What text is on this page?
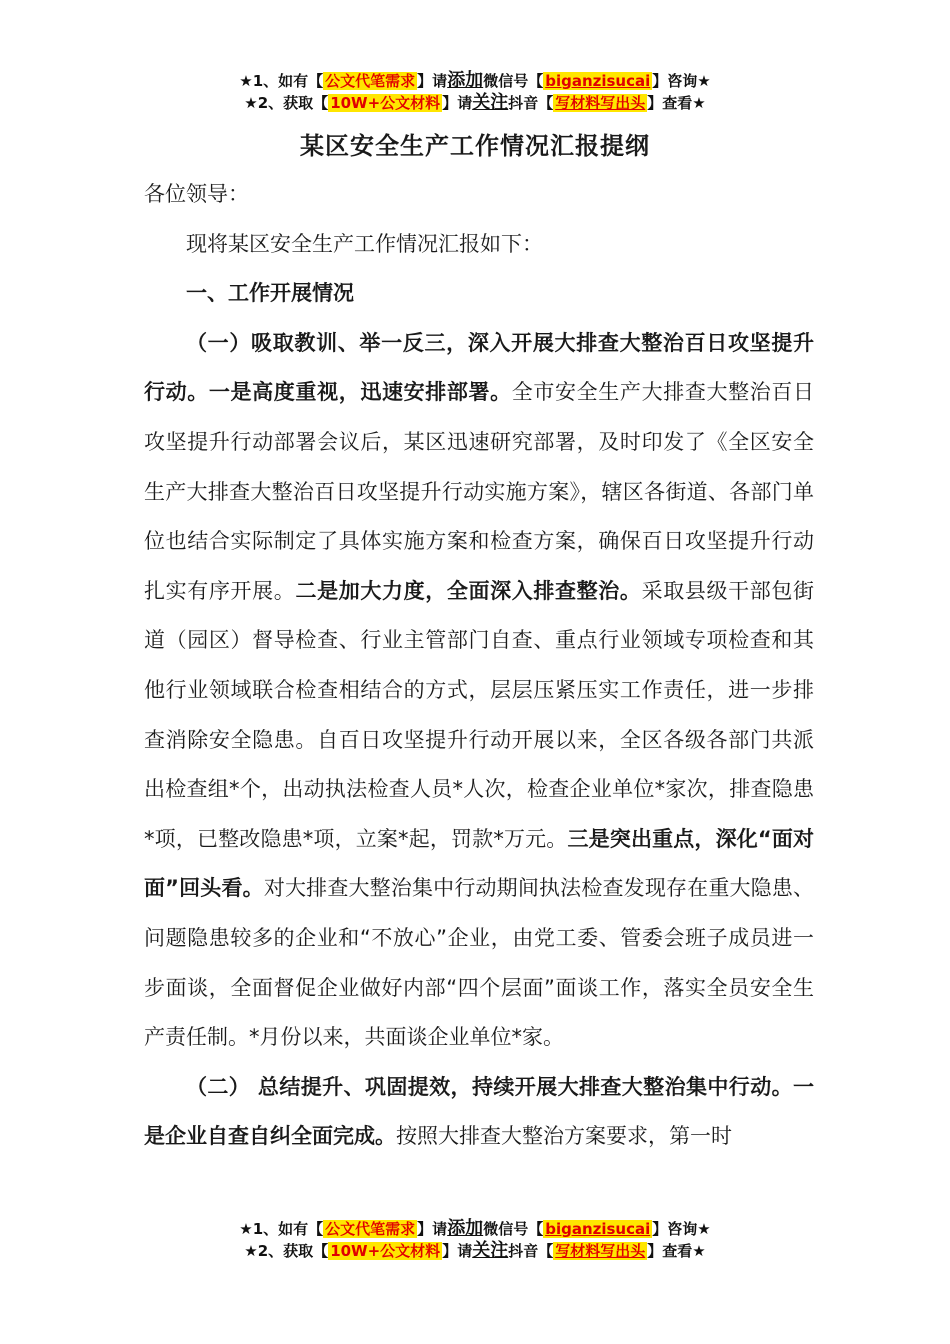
★1、如有【 公文代笔需求 】请添加微信号【 biganzisucai 】咨询★
★2、获取【 10W+公文材料 】请关注抖音【 写材料写出头 】查看★
某区安全生产工作情况汇报提纲

各位领导：

现将某区安全生产工作情况汇报如下：

一、工作开展情况

（一）吸取教训、举一反三，深入开展大排查大整治百日攻坚提升行动。一是高度重视，迅速安排部署。全市安全生产大排查大整治百日攻坚提升行动部署会议后，某区迅速研究部署，及时印发了《全区安全生产大排查大整治百日攻坚提升行动实施方案》，辖区各街道、各部门单位也结合实际制定了具体实施方案和检查方案，确保百日攻坚提升行动扎实有序开展。二是加大力度，全面深入排查整治。采取县级干部包街道（园区）督导检查、行业主管部门自查、重点行业领域专项检查和其他行业领域联合检查相结合的方式，层层压紧压实工作责任，进一步排查消除安全隐患。自百日攻坚提升行动开展以来，全区各级各部门共派出检查组*个，出动执法检查人员*人次，检查企业单位*家次，排查隐患*项，已整改隐患*项，立案*起，罚款*万元。三是突出重点，深化“面对面”回头看。对大排查大整治集中行动期间执法检查发现存在重大隐患、问题隐患较多的企业和“不放心”企业，由党工委、管委会班子成员进一步面谈，全面督促企业做好内部“四个层面”面谈工作，落实全员安全生产责任制。*月份以来，共面谈企业单位*家。

（二） 总结提升、巩固提效，持续开展大排查大整治集中行动。一是企业自查自纠全面完成。按照大排查大整治方案要求，第一时

★1、如有【 公文代笔需求 】请添加微信号【 biganzisucai 】咨询★
★2、获取【 10W+公文材料 】请关注抖音【 写材料写出头 】查看★
